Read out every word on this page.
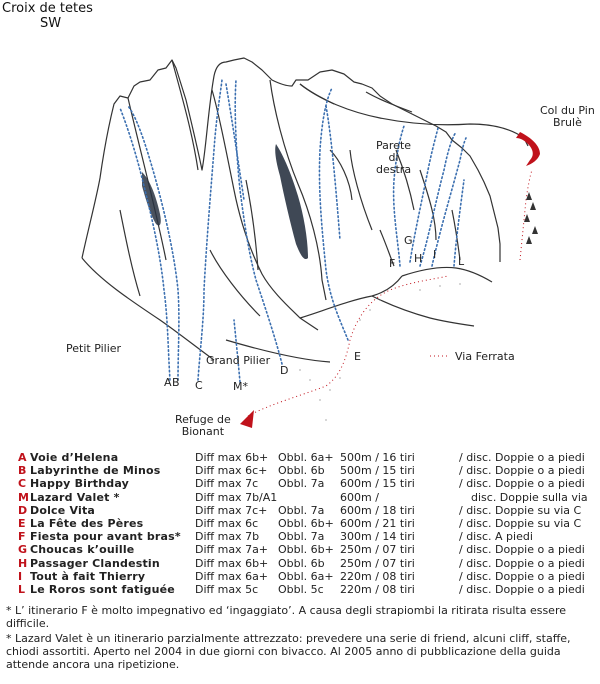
Croix de tetes
SW
Col du Pin
Brulè
Parete
di
destra
Petit Pilier
Grand Pilier
Refuge de
Bionant
Via Ferrata
A B C	M*
D
E
F
G
H I
L
A Voie d’Helena	Diff max 6b+ Obbl. 6a+ 500m / 16 tiri	/ disc. Doppie o a piedi
B Labyrinthe de Minos	Diff max 6c+ Obbl. 6b 500m / 15 tiri	/ disc. Doppie o a piedi
C Happy Birthday	Diff max 7c Obbl. 7a 600m / 15 tiri	/ disc. Doppie o a piedi
M Lazard Valet *	Diff max 7b/A1	600m /	disc. Doppie sulla via
D Dolce Vita	Diff max 7c+ Obbl. 7a 600m / 18 tiri	/ disc. Doppie su via C
E La Fête des Pères	Diff max 6c Obbl. 6b+ 600m / 21 tiri	/ disc. Doppie su via C
F Fiesta pour avant bras* Diff max 7b Obbl. 7a 300m / 14 tiri	/ disc. A piedi
G Choucas k’ouille	Diff max 7a+ Obbl. 6b+ 250m / 07 tiri	/ disc. Doppie o a piedi
H Passager Clandestin	Diff max 6b+ Obbl. 6b 250m / 07 tiri	/ disc. Doppie o a piedi
I Tout à fait Thierry	Diff max 6a+ Obbl. 6a+ 220m / 08 tiri	/ disc. Doppie o a piedi
L Le Roros sont fatiguée Diff max 5c Obbl. 5c 220m / 08 tiri	/ disc. Doppie o a piedi

* L’ itinerario F è molto impegnativo ed ‘ingaggiato’. A causa degli strapiombi la ritirata risulta essere difficile.

* Lazard Valet è un itinerario parzialmente attrezzato: prevedere una serie di friend, alcuni cliff, staffe, chiodi assortiti. Aperto nel 2004 in due giorni con bivacco. Al 2005 anno di pubblicazione della guida attende ancora una ripetizione.
